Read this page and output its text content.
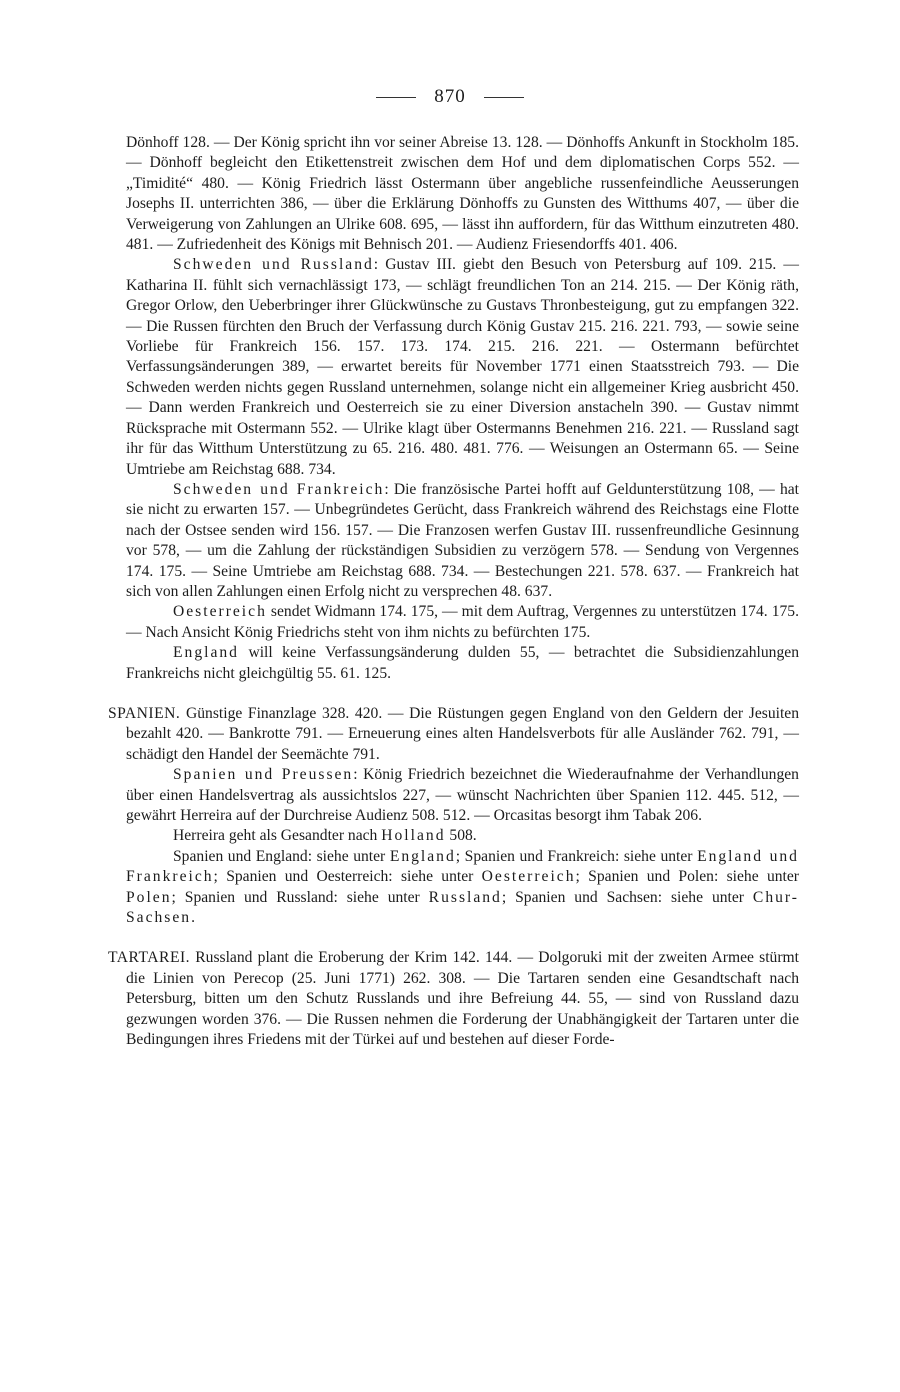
870

Dönhoff 128. — Der König spricht ihn vor seiner Abreise 13. 128. — Dönhoffs Ankunft in Stockholm 185. — Dönhoff begleicht den Etikettenstreit zwischen dem Hof und dem diplomatischen Corps 552. — „Timidité“ 480. — König Friedrich lässt Ostermann über angebliche russenfeindliche Aeusserungen Josephs II. unterrichten 386, — über die Erklärung Dönhoffs zu Gunsten des Witthums 407, — über die Verweigerung von Zahlungen an Ulrike 608. 695, — lässt ihn auffordern, für das Witthum einzutreten 480. 481. — Zufriedenheit des Königs mit Behnisch 201. — Audienz Friesendorffs 401. 406.

Schweden und Russland: Gustav III. giebt den Besuch von Petersburg auf 109. 215. — Katharina II. fühlt sich vernachlässigt 173, — schlägt freundlichen Ton an 214. 215. — Der König räth, Gregor Orlow, den Ueberbringer ihrer Glückwünsche zu Gustavs Thronbesteigung, gut zu empfangen 322. — Die Russen fürchten den Bruch der Verfassung durch König Gustav 215. 216. 221. 793, — sowie seine Vorliebe für Frankreich 156. 157. 173. 174. 215. 216. 221. — Ostermann befürchtet Verfassungsänderungen 389, — erwartet bereits für November 1771 einen Staatsstreich 793. — Die Schweden werden nichts gegen Russland unternehmen, solange nicht ein allgemeiner Krieg ausbricht 450. — Dann werden Frankreich und Oesterreich sie zu einer Diversion anstacheln 390. — Gustav nimmt Rücksprache mit Ostermann 552. — Ulrike klagt über Ostermanns Benehmen 216. 221. — Russland sagt ihr für das Witthum Unterstützung zu 65. 216. 480. 481. 776. — Weisungen an Ostermann 65. — Seine Umtriebe am Reichstag 688. 734.

Schweden und Frankreich: Die französische Partei hofft auf Geldunterstützung 108, — hat sie nicht zu erwarten 157. — Unbegründetes Gerücht, dass Frankreich während des Reichstags eine Flotte nach der Ostsee senden wird 156. 157. — Die Franzosen werfen Gustav III. russenfreundliche Gesinnung vor 578, — um die Zahlung der rückständigen Subsidien zu verzögern 578. — Sendung von Vergennes 174. 175. — Seine Umtriebe am Reichstag 688. 734. — Bestechungen 221. 578. 637. — Frankreich hat sich von allen Zahlungen einen Erfolg nicht zu versprechen 48. 637.

Oesterreich sendet Widmann 174. 175, — mit dem Auftrag, Vergennes zu unterstützen 174. 175. — Nach Ansicht König Friedrichs steht von ihm nichts zu befürchten 175.

England will keine Verfassungsänderung dulden 55, — betrachtet die Subsidienzahlungen Frankreichs nicht gleichgültig 55. 61. 125.

SPANIEN. Günstige Finanzlage 328. 420. — Die Rüstungen gegen England von den Geldern der Jesuiten bezahlt 420. — Bankrotte 791. — Erneuerung eines alten Handelsverbots für alle Ausländer 762. 791, — schädigt den Handel der Seemächte 791.

Spanien und Preussen: König Friedrich bezeichnet die Wiederaufnahme der Verhandlungen über einen Handelsvertrag als aussichtslos 227, — wünscht Nachrichten über Spanien 112. 445. 512, — gewährt Herreira auf der Durchreise Audienz 508. 512. — Orcasitas besorgt ihm Tabak 206.

Herreira geht als Gesandter nach Holland 508.

Spanien und England: siehe unter England; Spanien und Frankreich: siehe unter England und Frankreich; Spanien und Oesterreich: siehe unter Oesterreich; Spanien und Polen: siehe unter Polen; Spanien und Russland: siehe unter Russland; Spanien und Sachsen: siehe unter Chur-Sachsen.

TARTAREI. Russland plant die Eroberung der Krim 142. 144. — Dolgoruki mit der zweiten Armee stürmt die Linien von Perecop (25. Juni 1771) 262. 308. — Die Tartaren senden eine Gesandtschaft nach Petersburg, bitten um den Schutz Russlands und ihre Befreiung 44. 55, — sind von Russland dazu gezwungen worden 376. — Die Russen nehmen die Forderung der Unabhängigkeit der Tartaren unter die Bedingungen ihres Friedens mit der Türkei auf und bestehen auf dieser Forde-
